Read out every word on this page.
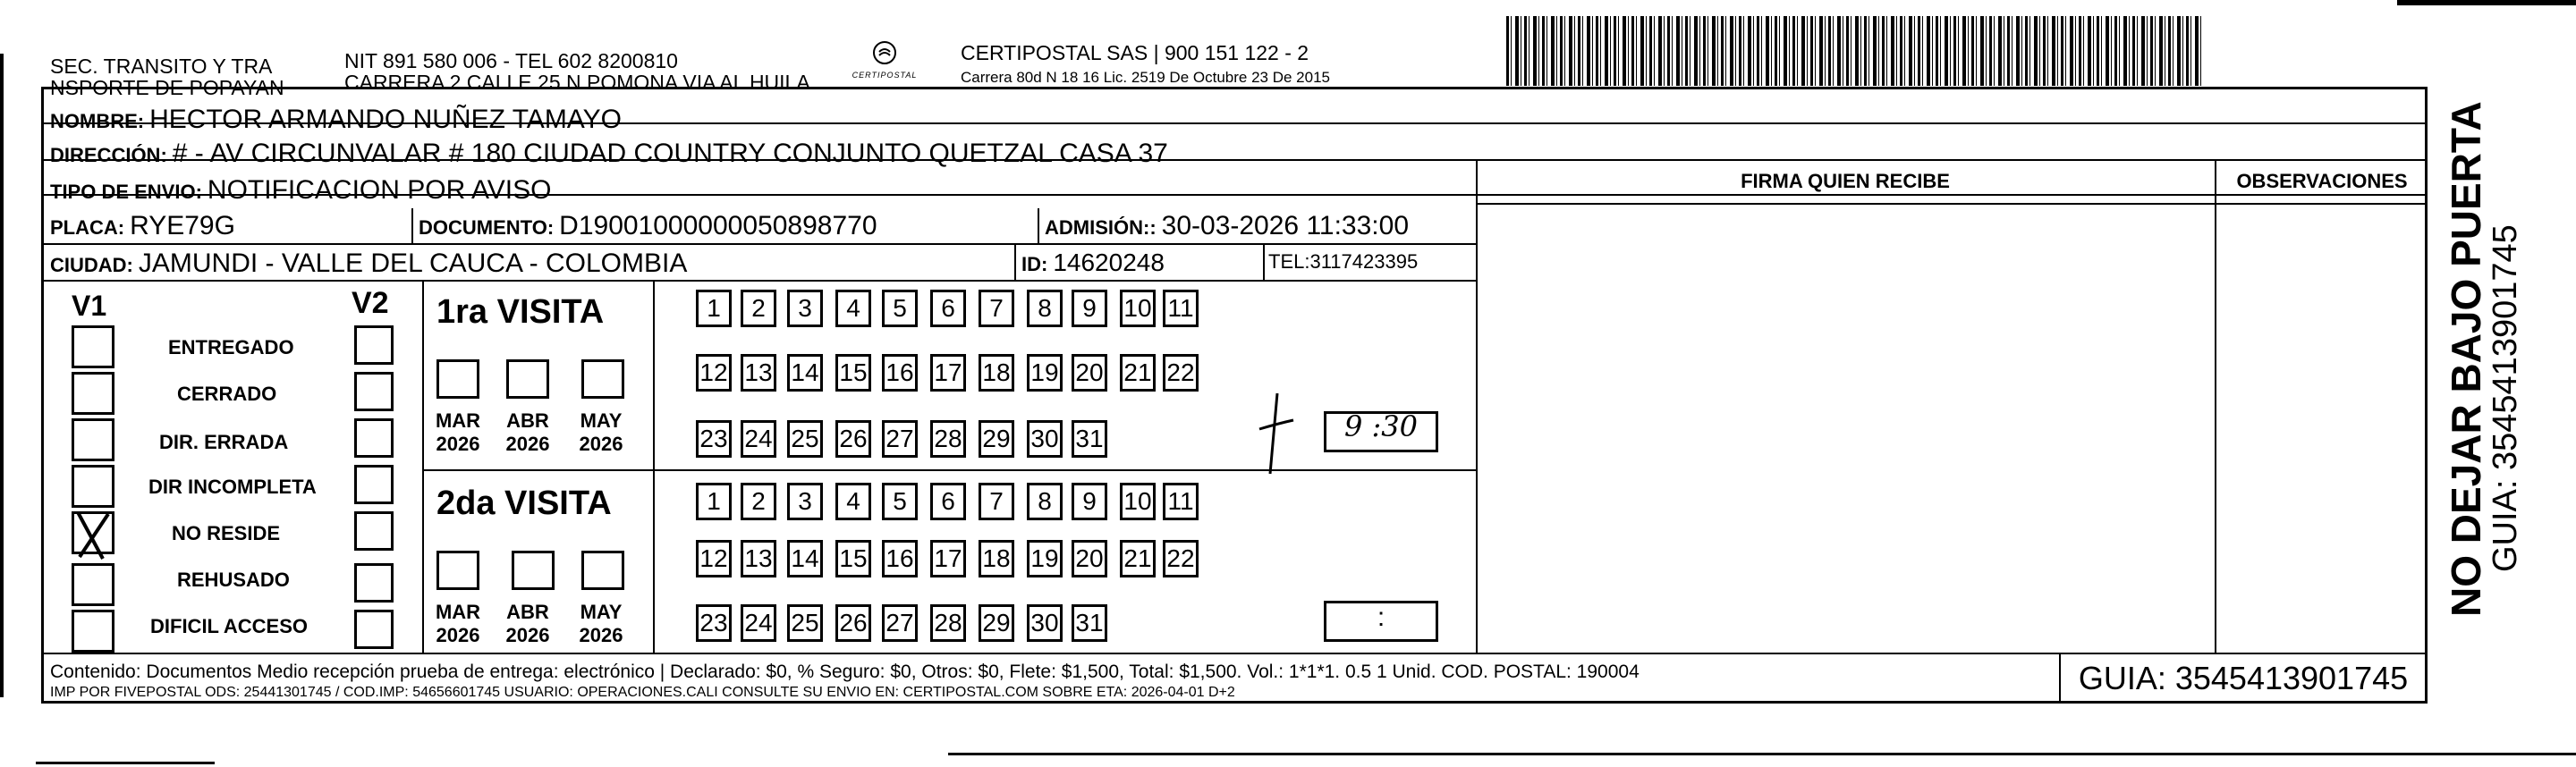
SEC. TRANSITO Y TRA
NSPORTE DE POPAYAN
NIT 891 580 006 - TEL 602 8200810
CARRERA 2 CALLE 25 N POMONA VIA AL HUILA	CERTIPOSTAL
CERTIPOSTAL SAS | 900 151 122 - 2
Carrera 80d N 18 16 Lic. 2519 De Octubre 23 De 2015
NOMBRE: HECTOR ARMANDO NUÑEZ TAMAYO
DIRECCIÓN: # - AV CIRCUNVALAR # 180 CIUDAD COUNTRY CONJUNTO QUETZAL CASA 37
TIPO DE ENVIO: NOTIFICACION POR AVISO
PLACA: RYE79G	DOCUMENTO: D19001000000050898770	ADMISIÓN:: 30-03-2026 11:33:00
CIUDAD: JAMUNDI - VALLE DEL CAUCA - COLOMBIA	ID: 14620248	TEL: 3117423395
FIRMA QUIEN RECIBE	OBSERVACIONES
V1	V2
ENTREGADO
CERRADO
DIR. ERRADA
DIR INCOMPLETA
NO RESIDE
REHUSADO
DIFICIL ACCESO
1ra VISITA
MAR
2026
ABR
2026
MAY
2026
1	2	3	4	5	6	7	8	9	10 11
12 13 14 15 16 17 18 19 20 21 22
23 24 25 26 27 28 29 30 31	9 :30
2da VISITA
MAR
2026
ABR
2026
MAY
2026
1	2	3	4	5	6	7	8	9	10 11
12 13 14 15 16 17 18 19 20 21 22
23 24 25 26 27 28 29 30 31	:
Contenido: Documentos Medio recepción prueba de entrega: electrónico | Declarado: $0, % Seguro: $0, Otros: $0, Flete: $1,500, Total: $1,500. Vol.: 1*1*1. 0.5 1 Unid. COD. POSTAL: 190004
IMP POR FIVEPOSTAL ODS: 25441301745 / COD.IMP: 54656601745 USUARIO: OPERACIONES.CALI CONSULTE SU ENVIO EN: CERTIPOSTAL.COM SOBRE ETA: 2026-04-01 D+2	GUIA: 3545413901745
NO DEJAR BAJO PUERTA
GUIA: 3545413901745
